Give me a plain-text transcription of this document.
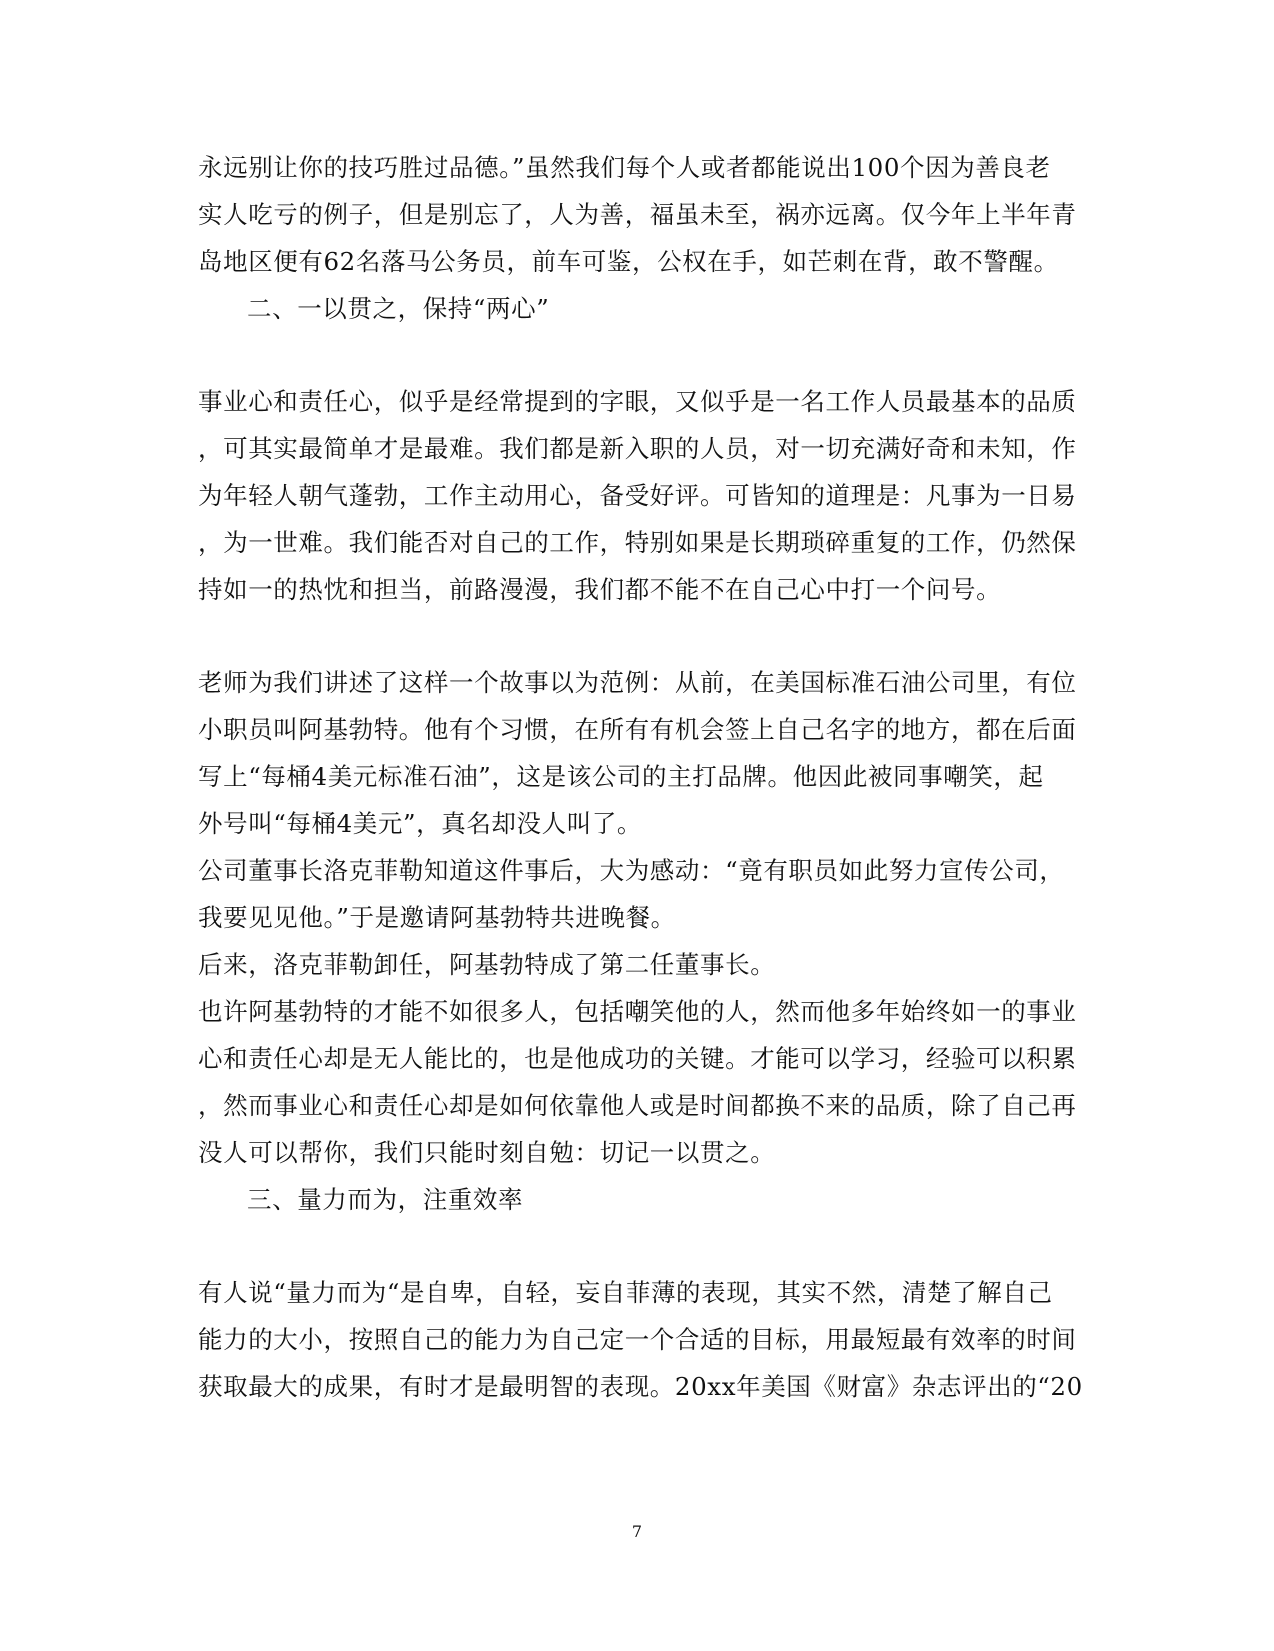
永远别让你的技巧胜过品德。”虽然我们每个人或者都能说出100个因为善良老
实人吃亏的例子，但是别忘了，人为善，福虽未至，祸亦远离。仅今年上半年青
岛地区便有62名落马公务员，前车可鉴，公权在手，如芒刺在背，敢不警醒。
二、一以贯之，保持“两心”
事业心和责任心，似乎是经常提到的字眼，又似乎是一名工作人员最基本的品质
，可其实最简单才是最难。我们都是新入职的人员，对一切充满好奇和未知，作
为年轻人朝气蓬勃，工作主动用心，备受好评。可皆知的道理是：凡事为一日易
，为一世难。我们能否对自己的工作，特别如果是长期琐碎重复的工作，仍然保
持如一的热忱和担当，前路漫漫，我们都不能不在自己心中打一个问号。
老师为我们讲述了这样一个故事以为范例：从前，在美国标准石油公司里，有位
小职员叫阿基勃特。他有个习惯，在所有有机会签上自己名字的地方，都在后面
写上“每桶4美元标准石油”，这是该公司的主打品牌。他因此被同事嘲笑，起
外号叫“每桶4美元”，真名却没人叫了。
公司董事长洛克菲勒知道这件事后，大为感动：“竟有职员如此努力宣传公司，
我要见见他。”于是邀请阿基勃特共进晚餐。
后来，洛克菲勒卸任，阿基勃特成了第二任董事长。
也许阿基勃特的才能不如很多人，包括嘲笑他的人，然而他多年始终如一的事业
心和责任心却是无人能比的，也是他成功的关键。才能可以学习，经验可以积累
，然而事业心和责任心却是如何依靠他人或是时间都换不来的品质，除了自己再
没人可以帮你，我们只能时刻自勉：切记一以贯之。
三、量力而为，注重效率
有人说“量力而为“是自卑，自轻，妄自菲薄的表现，其实不然，清楚了解自己
能力的大小，按照自己的能力为自己定一个合适的目标，用最短最有效率的时间
获取最大的成果，有时才是最明智的表现。20xx年美国《财富》杂志评出的“20
7
